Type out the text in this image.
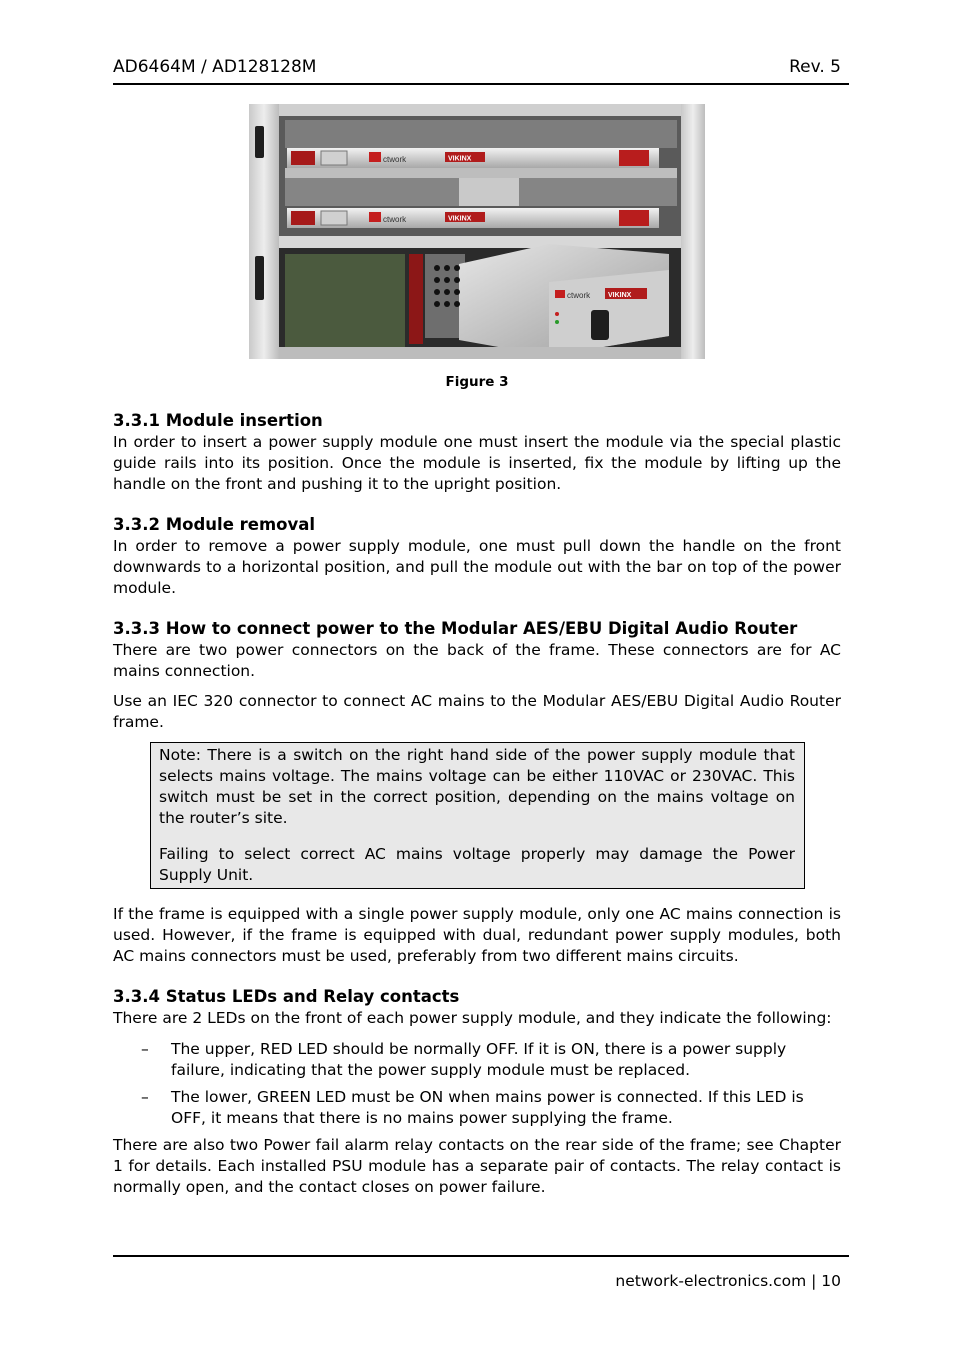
AD6464M / AD128128M	Rev. 5
ctwork	VIKINX
ctwork	VIKINX
ctwork	VIKINX
Figure 3
3.3.1 Module insertion

In order to insert a power supply module one must insert the module via the special plastic guide rails into its position. Once the module is inserted, fix the module by lifting up the handle on the front and pushing it to the upright position.

3.3.2 Module removal

In order to remove a power supply module, one must pull down the handle on the front downwards to a horizontal position, and pull the module out with the bar on top of the power module.

3.3.3 How to connect power to the Modular AES/EBU Digital Audio Router

There are two power connectors on the back of the frame. These connectors are for AC mains connection.

Use an IEC 320 connector to connect AC mains to the Modular AES/EBU Digital Audio Router frame.

Note: There is a switch on the right hand side of the power supply module that selects mains voltage. The mains voltage can be either 110VAC or 230VAC. This switch must be set in the correct position, depending on the mains voltage on the router’s site.

Failing to select correct AC mains voltage properly may damage the Power Supply Unit.

If the frame is equipped with a single power supply module, only one AC mains connection is used. However, if the frame is equipped with dual, redundant power supply modules, both AC mains connectors must be used, preferably from two different mains circuits.

3.3.4 Status LEDs and Relay contacts

There are 2 LEDs on the front of each power supply module, and they indicate the following:

– The upper, RED LED should be normally OFF. If it is ON, there is a power supply failure, indicating that the power supply module must be replaced.
– The lower, GREEN LED must be ON when mains power is connected. If this LED is OFF, it means that there is no mains power supplying the frame.

There are also two Power fail alarm relay contacts on the rear side of the frame; see Chapter 1 for details. Each installed PSU module has a separate pair of contacts. The relay contact is normally open, and the contact closes on power failure.

network-electronics.com | 10
